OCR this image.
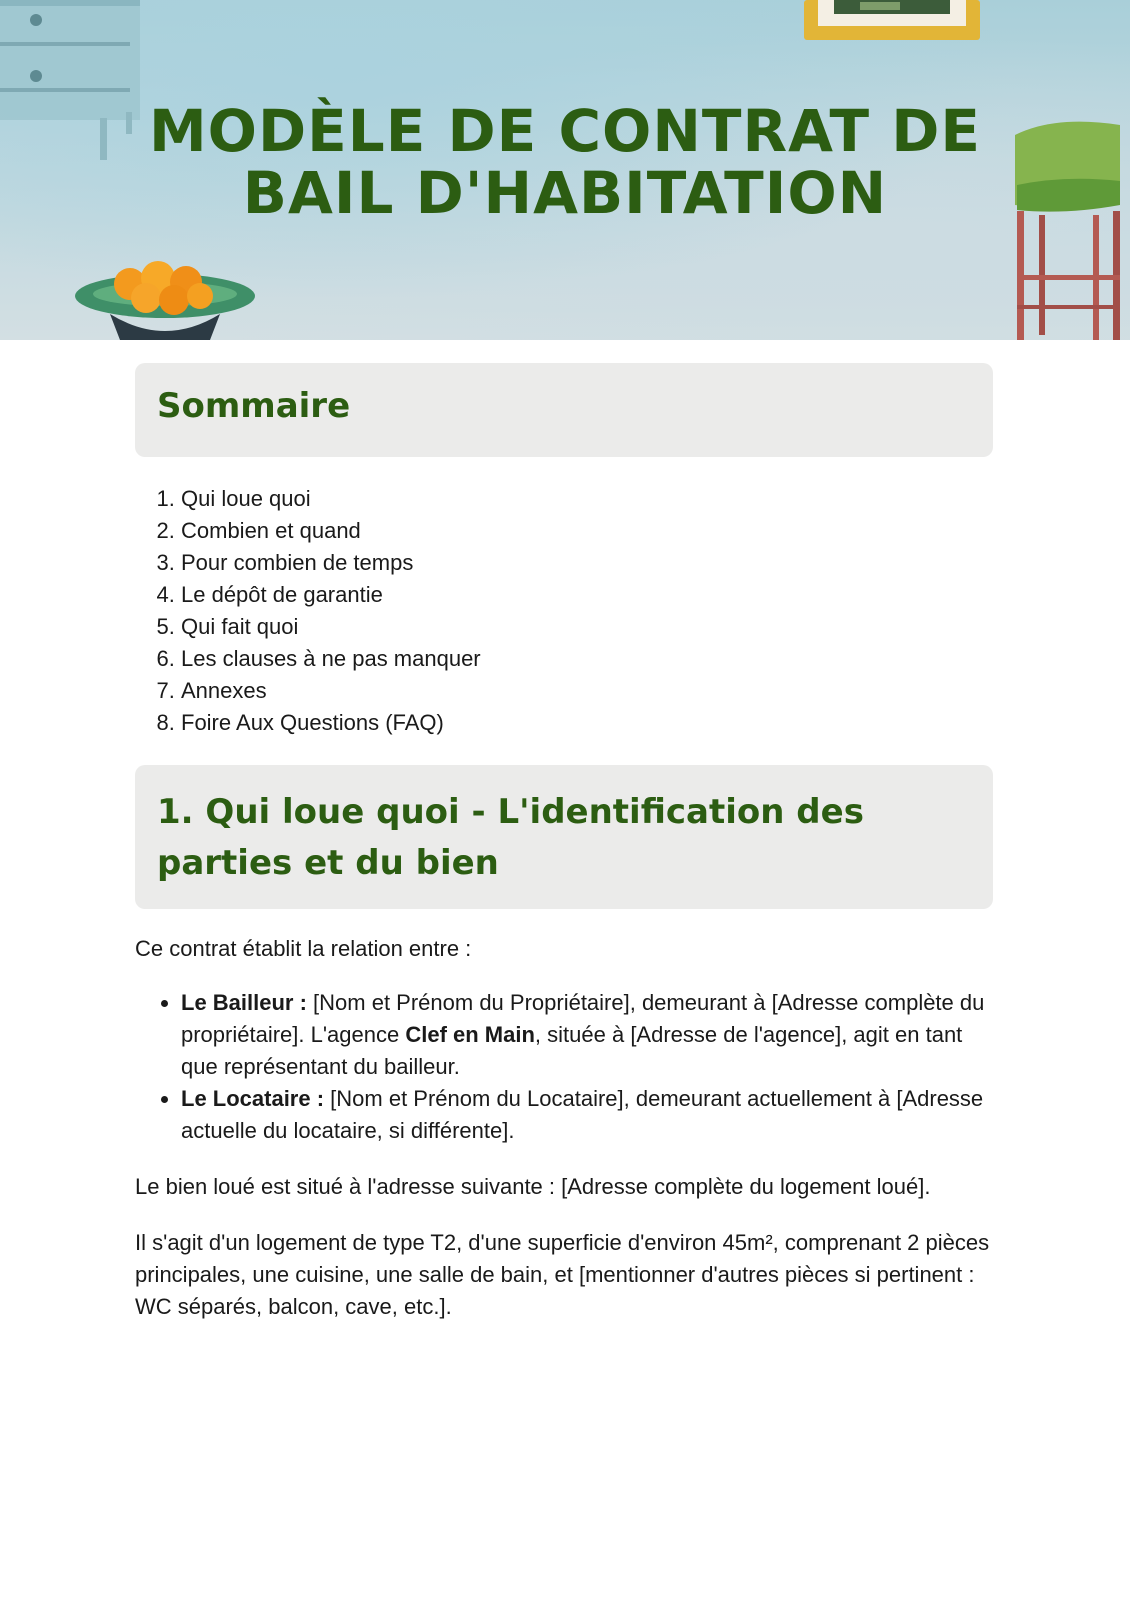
MODÈLE DE CONTRAT DE
BAIL D'HABITATION
Sommaire
1. Qui loue quoi
2. Combien et quand
3. Pour combien de temps
4. Le dépôt de garantie
5. Qui fait quoi
6. Les clauses à ne pas manquer
7. Annexes
8. Foire Aux Questions (FAQ)
1. Qui loue quoi - L'identification des parties et du bien

Ce contrat établit la relation entre :

• Le Bailleur : [Nom et Prénom du Propriétaire], demeurant à [Adresse complète du propriétaire]. L'agence Clef en Main, située à [Adresse de l'agence], agit en tant que représentant du bailleur.
• Le Locataire : [Nom et Prénom du Locataire], demeurant actuellement à [Adresse actuelle du locataire, si différente].

Le bien loué est situé à l'adresse suivante : [Adresse complète du logement loué].

Il s'agit d'un logement de type T2, d'une superficie d'environ 45m², comprenant 2 pièces principales, une cuisine, une salle de bain, et [mentionner d'autres pièces si pertinent : WC séparés, balcon, cave, etc.].
